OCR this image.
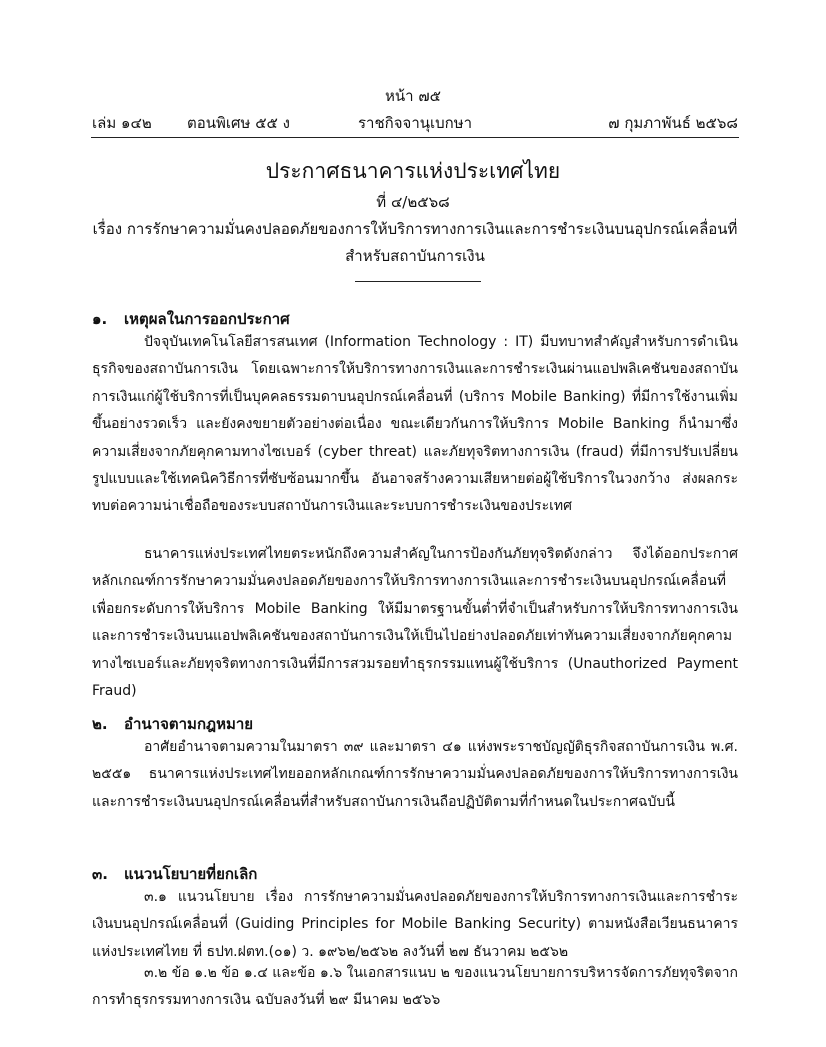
หน้า ๗๕
เล่ม ๑๔๒ ตอนพิเศษ ๕๕ ง	ราชกิจจานุเบกษา	๗ กุมภาพันธ์ ๒๕๖๘
ประกาศธนาคารแห่งประเทศไทย
ที่ ๔/๒๕๖๘
เรื่อง การรักษาความมั่นคงปลอดภัยของการให้บริการทางการเงินและการชำระเงินบนอุปกรณ์เคลื่อนที่
สำหรับสถาบันการเงิน
๑. เหตุผลในการออกประกาศ

ปัจจุบันเทคโนโลยีสารสนเทศ (Information Technology : IT) มีบทบาทสำคัญสำหรับการดำเนินธุรกิจของสถาบันการเงิน โดยเฉพาะการให้บริการทางการเงินและการชำระเงินผ่านแอปพลิเคชันของสถาบันการเงินแก่ผู้ใช้บริการที่เป็นบุคคลธรรมดาบนอุปกรณ์เคลื่อนที่ (บริการ Mobile Banking) ที่มีการใช้งานเพิ่มขึ้นอย่างรวดเร็ว และยังคงขยายตัวอย่างต่อเนื่อง ขณะเดียวกันการให้บริการ Mobile Banking ก็นำมาซึ่งความเสี่ยงจากภัยคุกคามทางไซเบอร์ (cyber threat) และภัยทุจริตทางการเงิน (fraud) ที่มีการปรับเปลี่ยนรูปแบบและใช้เทคนิควิธีการที่ซับซ้อนมากขึ้น อันอาจสร้างความเสียหายต่อผู้ใช้บริการในวงกว้าง ส่งผลกระทบต่อความน่าเชื่อถือของระบบสถาบันการเงินและระบบการชำระเงินของประเทศ

ธนาคารแห่งประเทศไทยตระหนักถึงความสำคัญในการป้องกันภัยทุจริตดังกล่าว จึงได้ออกประกาศหลักเกณฑ์การรักษาความมั่นคงปลอดภัยของการให้บริการทางการเงินและการชำระเงินบนอุปกรณ์เคลื่อนที่ เพื่อยกระดับการให้บริการ Mobile Banking ให้มีมาตรฐานขั้นต่ำที่จำเป็นสำหรับการให้บริการทางการเงินและการชำระเงินบนแอปพลิเคชันของสถาบันการเงินให้เป็นไปอย่างปลอดภัยเท่าทันความเสี่ยงจากภัยคุกคามทางไซเบอร์และภัยทุจริตทางการเงินที่มีการสวมรอยทำธุรกรรมแทนผู้ใช้บริการ (Unauthorized Payment Fraud)

๒. อำนาจตามกฎหมาย

อาศัยอำนาจตามความในมาตรา ๓๙ และมาตรา ๔๑ แห่งพระราชบัญญัติธุรกิจสถาบันการเงิน พ.ศ. ๒๕๕๑ ธนาคารแห่งประเทศไทยออกหลักเกณฑ์การรักษาความมั่นคงปลอดภัยของการให้บริการทางการเงินและการชำระเงินบนอุปกรณ์เคลื่อนที่สำหรับสถาบันการเงินถือปฏิบัติตามที่กำหนดในประกาศฉบับนี้

๓. แนวนโยบายที่ยกเลิก

๓.๑ แนวนโยบาย เรื่อง การรักษาความมั่นคงปลอดภัยของการให้บริการทางการเงินและการชำระเงินบนอุปกรณ์เคลื่อนที่ (Guiding Principles for Mobile Banking Security) ตามหนังสือเวียนธนาคารแห่งประเทศไทย ที่ ธปท.ฝตท.(๐๑) ว. ๑๙๖๒/๒๕๖๒ ลงวันที่ ๒๗ ธันวาคม ๒๕๖๒

๓.๒ ข้อ ๑.๒ ข้อ ๑.๔ และข้อ ๑.๖ ในเอกสารแนบ ๒ ของแนวนโยบายการบริหารจัดการภัยทุจริตจากการทำธุรกรรมทางการเงิน ฉบับลงวันที่ ๒๙ มีนาคม ๒๕๖๖
